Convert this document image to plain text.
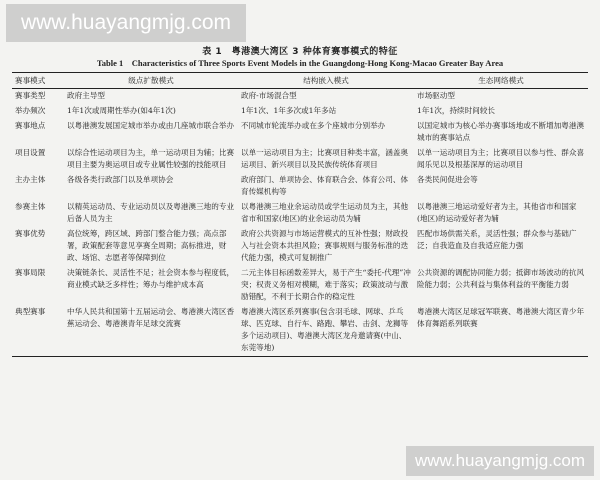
www.huayangmjg.com
表 1　粤港澳大湾区 3 种体育赛事模式的特征
Table 1　Characteristics of Three Sports Event Models in the Guangdong-Hong Kong-Macao Greater Bay Area
赛事模式	级点扩散模式	结构嵌入模式	生态网络模式
赛事类型	政府主导型	政府-市场混合型	市场驱动型
举办频次	1年1次或周期性举办(如4年1次)	1年1次、1年多次或1年多站	1年1次，持续时间较长
赛事地点	以粤港澳发展国定城市举办或由几座城市联合举办	不同城市轮流举办或在多个座城市分别举办	以国定城市为核心举办赛事场地或不断增加粤港澳城市的赛事站点
项目设置	以综合性运动项目为主，单一运动项目为辅；比赛项目主要为奥运项目或专业属性较强的技能项目	以单一运动项目为主；比赛项目种类丰富，涵盖奥运项目、新兴项目以及民族传统体育项目	以单一运动项目为主；比赛项目以参与性、群众喜闻乐见以及根基深厚的运动项目
主办主体	各级各类行政部门以及单项协会	政府部门、单项协会、体育联合会、体育公司、体育传媒机构等	各类民间促进会等
参赛主体	以精英运动员、专业运动员以及粤港澳三地的专业后备人员为主	以粤港澳三地业余运动员或学生运动员为主，其他省市和国家(地区)的业余运动员为辅	以粤港澳三地运动爱好者为主，其他省市和国家(地区)的运动爱好者为辅
赛事优势	高位统筹，跨区域、跨部门整合能力强；高点部署，政策配套等意见享赛全周期；高标推进，财政、场馆、志愿者等保障到位	政府公共资源与市场运营模式的互补性强；财政投入与社会资本共担风险；赛事规则与服务标准的迭代能力强，模式可复制推广	匹配市场供需关系，灵活性强；群众参与基础广泛；自我造血及自我适应能力强
赛事局限	决策链条长、灵活性不足；社会资本参与程度低，商业模式缺乏多样性；筹办与维护成本高	二元主体目标函数差异大，易于产生“委托-代理”冲突；权责义务相对模糊，难于落实；政策波动与激励错配，不利于长期合作的稳定性	公共资源的调配协同能力弱；抵御市场波动的抗风险能力弱；公共利益与集体利益的平衡能力弱
典型赛事	中华人民共和国第十五届运动会、粤港澳大湾区香蕉运动会、粤港澳青年足球交流赛	粤港澳大湾区系列赛事(包含羽毛球、网球、乒乓球、匹克球、自行车、路跑、攀岩、击剑、龙狮等多个运动项目)、粤港澳大湾区龙舟邀请赛(中山、东莞等地)	粤港澳大湾区足球冠军联赛、粤港澳大湾区青少年体育舞蹈系列联赛
www.huayangmjg.com
